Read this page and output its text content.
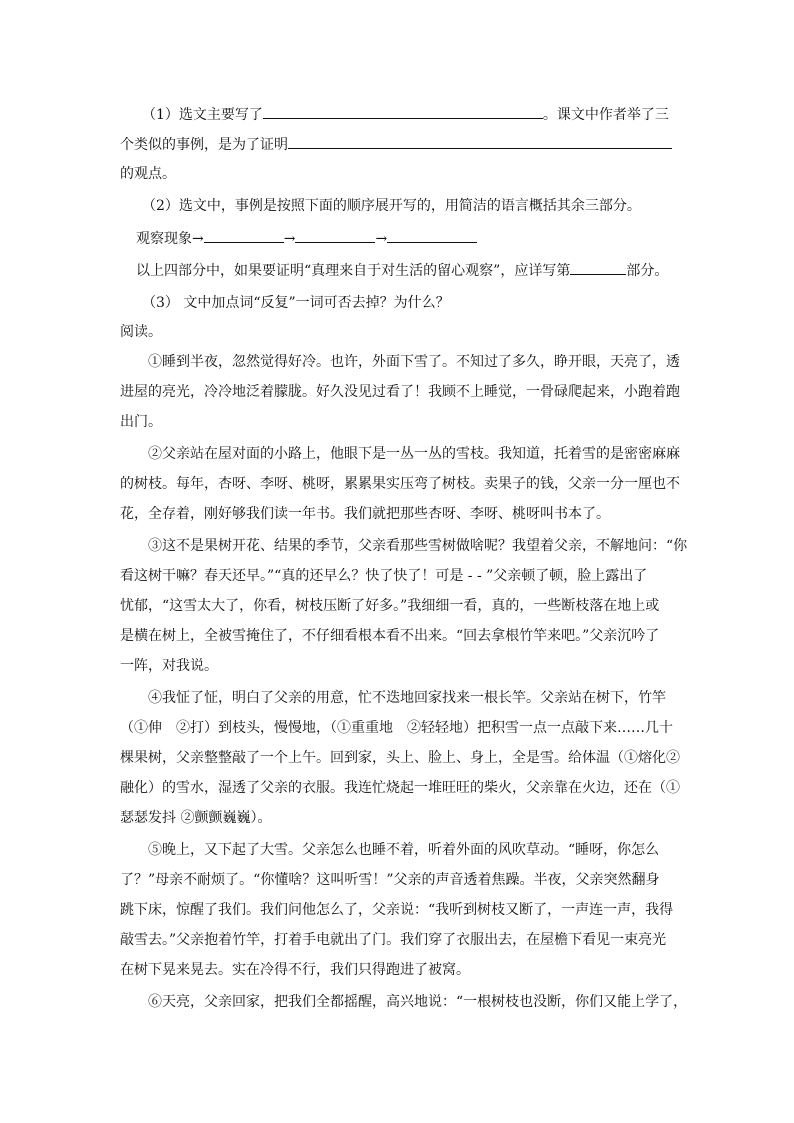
（1）选文主要写了	。课文中作者举了三
个类似的事例，是为了证明
的观点。
（2）选文中，事例是按照下面的顺序展开写的，用简洁的语言概括其余三部分。
观察现象→	→	→
以上四部分中，如果要证明“真理来自于对生活的留心观察”，应详写第	部分。
（3） 文中加点词“反复”一词可否去掉？为什么？
阅读。
①睡到半夜，忽然觉得好冷。也许，外面下雪了。不知过了多久，睁开眼，天亮了，透
进屋的亮光，冷冷地泛着朦胧。好久没见过看了！我顾不上睡觉，一骨碌爬起来，小跑着跑
出门。
②父亲站在屋对面的小路上，他眼下是一丛一丛的雪枝。我知道，托着雪的是密密麻麻
的树枝。每年，杏呀、李呀、桃呀，累累果实压弯了树枝。卖果子的钱，父亲一分一厘也不
花，全存着，刚好够我们读一年书。我们就把那些杏呀、李呀、桃呀叫书本了。
③这不是果树开花、结果的季节，父亲看那些雪树做啥呢？我望着父亲，不解地问：“你
看这树干嘛？春天还早。”“真的还早么？快了快了！可是 - - ”父亲顿了顿，脸上露出了
忧郁，“这雪太大了，你看，树枝压断了好多。”我细细一看，真的，一些断枝落在地上或
是横在树上，全被雪掩住了，不仔细看根本看不出来。“回去拿根竹竿来吧。”父亲沉吟了
一阵，对我说。
④我怔了怔，明白了父亲的用意，忙不迭地回家找来一根长竿。父亲站在树下，竹竿
（①伸　②打）到枝头，慢慢地，（①重重地　②轻轻地）把积雪一点一点敲下来……几十
棵果树，父亲整整敲了一个上午。回到家，头上、脸上、身上，全是雪。给体温（①熔化②
融化）的雪水，湿透了父亲的衣服。我连忙烧起一堆旺旺的柴火，父亲靠在火边，还在（①
瑟瑟发抖 ②颤颤巍巍）。
⑤晚上，又下起了大雪。父亲怎么也睡不着，听着外面的风吹草动。“睡呀，你怎么
了？”母亲不耐烦了。“你懂啥？这叫听雪！”父亲的声音透着焦躁。半夜，父亲突然翻身
跳下床，惊醒了我们。我们问他怎么了，父亲说：“我听到树枝又断了，一声连一声，我得
敲雪去。”父亲抱着竹竿，打着手电就出了门。我们穿了衣服出去，在屋檐下看见一束亮光
在树下晃来晃去。实在冷得不行，我们只得跑进了被窝。
⑥天亮，父亲回家，把我们全都摇醒，高兴地说：“一根树枝也没断，你们又能上学了，
